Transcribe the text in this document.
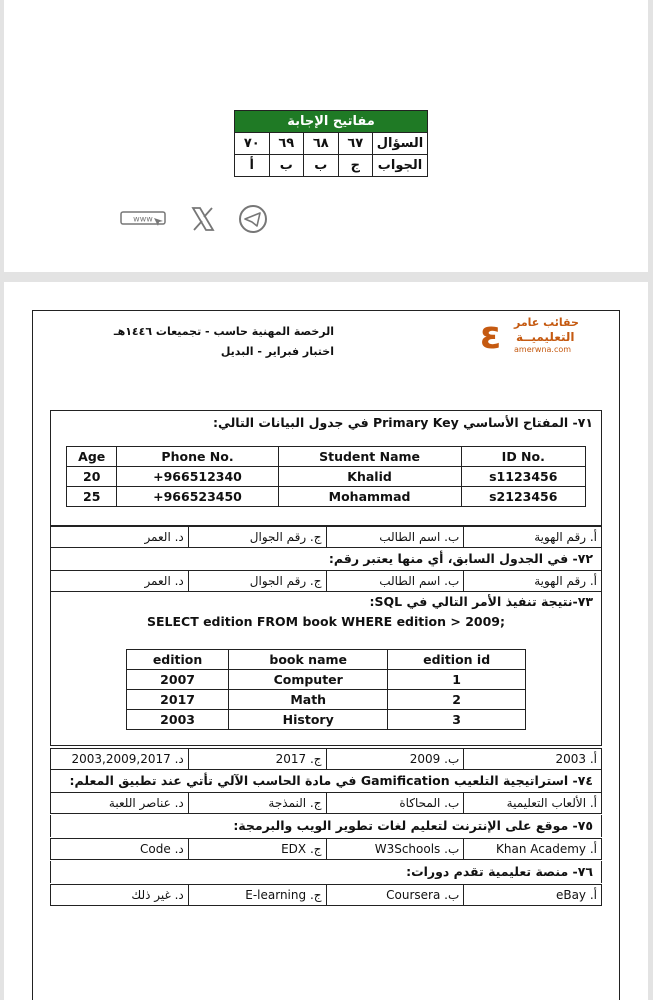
مفاتيح الإجابة				
السؤال	٦٧	٦٨	٦٩	٧٠
الجواب	ج	ب	ب	أ
www
الرخصة المهنية حاسب - تجميعات ١٤٤٦هـ
اختبار فبراير - البديل	ε حقائب عامر
التعليميــة
amerwna.com
٧١- المفتاح الأساسي Primary Key في جدول البيانات التالي:
Age	Phone No.	Student Name	ID No.
20	+966512340	Khalid	s1123456
25	+966523450	Mohammad	s2123456
أ. رقم الهوية
ب. اسم الطالب
ج. رقم الجوال
د. العمر
٧٢- في الجدول السابق، أي منها يعتبر رقم:
أ. رقم الهوية
ب. اسم الطالب
ج. رقم الجوال
د. العمر
٧٣-نتيجة تنفيذ الأمر التالي في SQL:
SELECT edition FROM book WHERE edition > 2009;
edition	book name	edition id
2007	Computer	1
2017	Math	2
2003	History	3
أ. 2003
ب. 2009
ج. 2017
د. 2003,2009,2017
٧٤- استراتيجية التلعيب Gamification في مادة الحاسب الآلي تأتي عند تطبيق المعلم:
أ. الألعاب التعليمية
ب. المحاكاة
ج. النمذجة
د. عناصر اللعبة
٧٥- موقع على الإنترنت لتعليم لغات تطوير الويب والبرمجة:
أ. Khan Academy
ب. W3Schools
ج. EDX
د. Code
٧٦- منصة تعليمية تقدم دورات:
أ. eBay
ب. Coursera
ج. E-learning
د. غير ذلك
